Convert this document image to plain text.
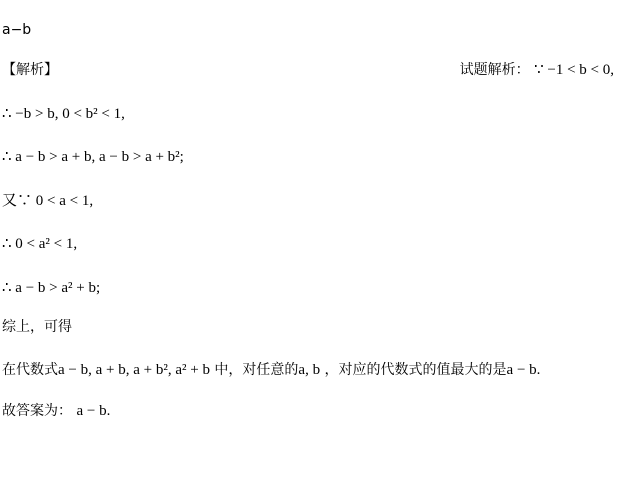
a−b
【解析】	试题解析： ∵ −1 < b < 0,
∴ −b > b, 0 < b² < 1,
∴ a − b > a + b, a − b > a + b²;
又∵ 0 < a < 1,
∴ 0 < a² < 1,
∴ a − b > a² + b;
综上，可得
在代数式a − b, a + b, a + b², a² + b 中，对任意的a, b ，对应的代数式的值最大的是a − b.
故答案为： a − b.
